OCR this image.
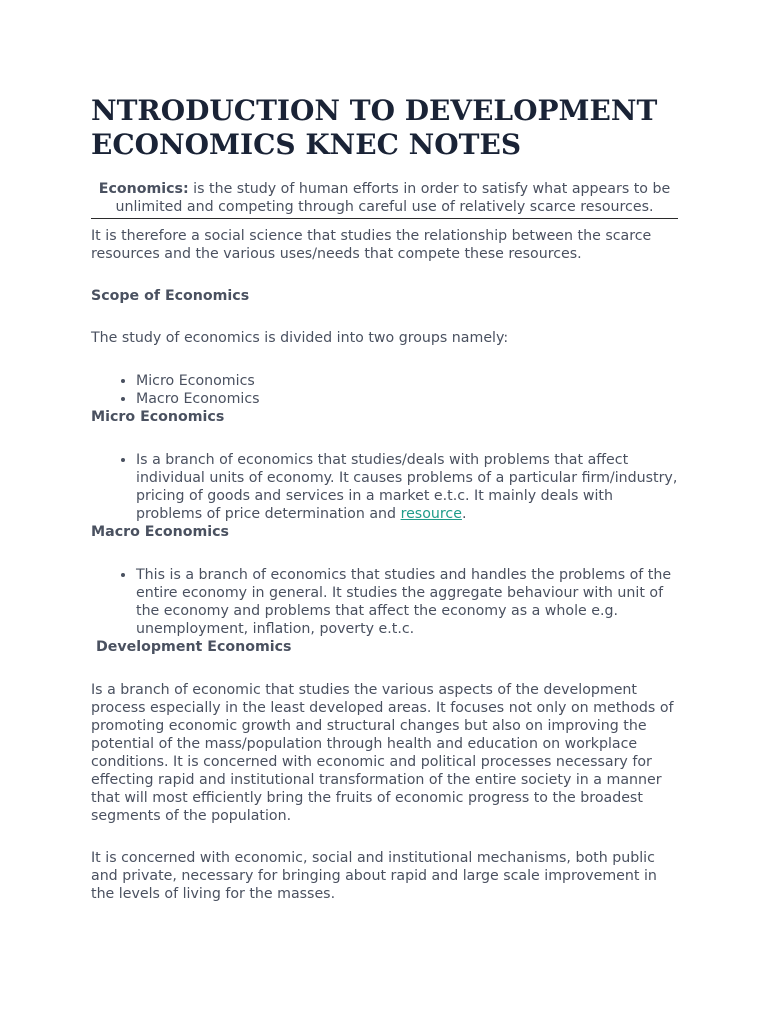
NTRODUCTION TO DEVELOPMENT ECONOMICS KNEC NOTES
Economics: is the study of human efforts in order to satisfy what appears to be unlimited and competing through careful use of relatively scarce resources.

It is therefore a social science that studies the relationship between the scarce resources and the various uses/needs that compete these resources.

Scope of Economics

The study of economics is divided into two groups namely:

• Micro Economics
• Macro Economics
Micro Economics
• Is a branch of economics that studies/deals with problems that affect individual units of economy. It causes problems of a particular firm/industry, pricing of goods and services in a market e.t.c. It mainly deals with problems of price determination and resource.
Macro Economics
• This is a branch of economics that studies and handles the problems of the entire economy in general. It studies the aggregate behaviour with unit of the economy and problems that affect the economy as a whole e.g. unemployment, inflation, poverty e.t.c.
Development Economics

Is a branch of economic that studies the various aspects of the development process especially in the least developed areas. It focuses not only on methods of promoting economic growth and structural changes but also on improving the potential of the mass/population through health and education on workplace conditions. It is concerned with economic and political processes necessary for effecting rapid and institutional transformation of the entire society in a manner that will most efficiently bring the fruits of economic progress to the broadest segments of the population.

It is concerned with economic, social and institutional mechanisms, both public and private, necessary for bringing about rapid and large scale improvement in the levels of living for the masses.
